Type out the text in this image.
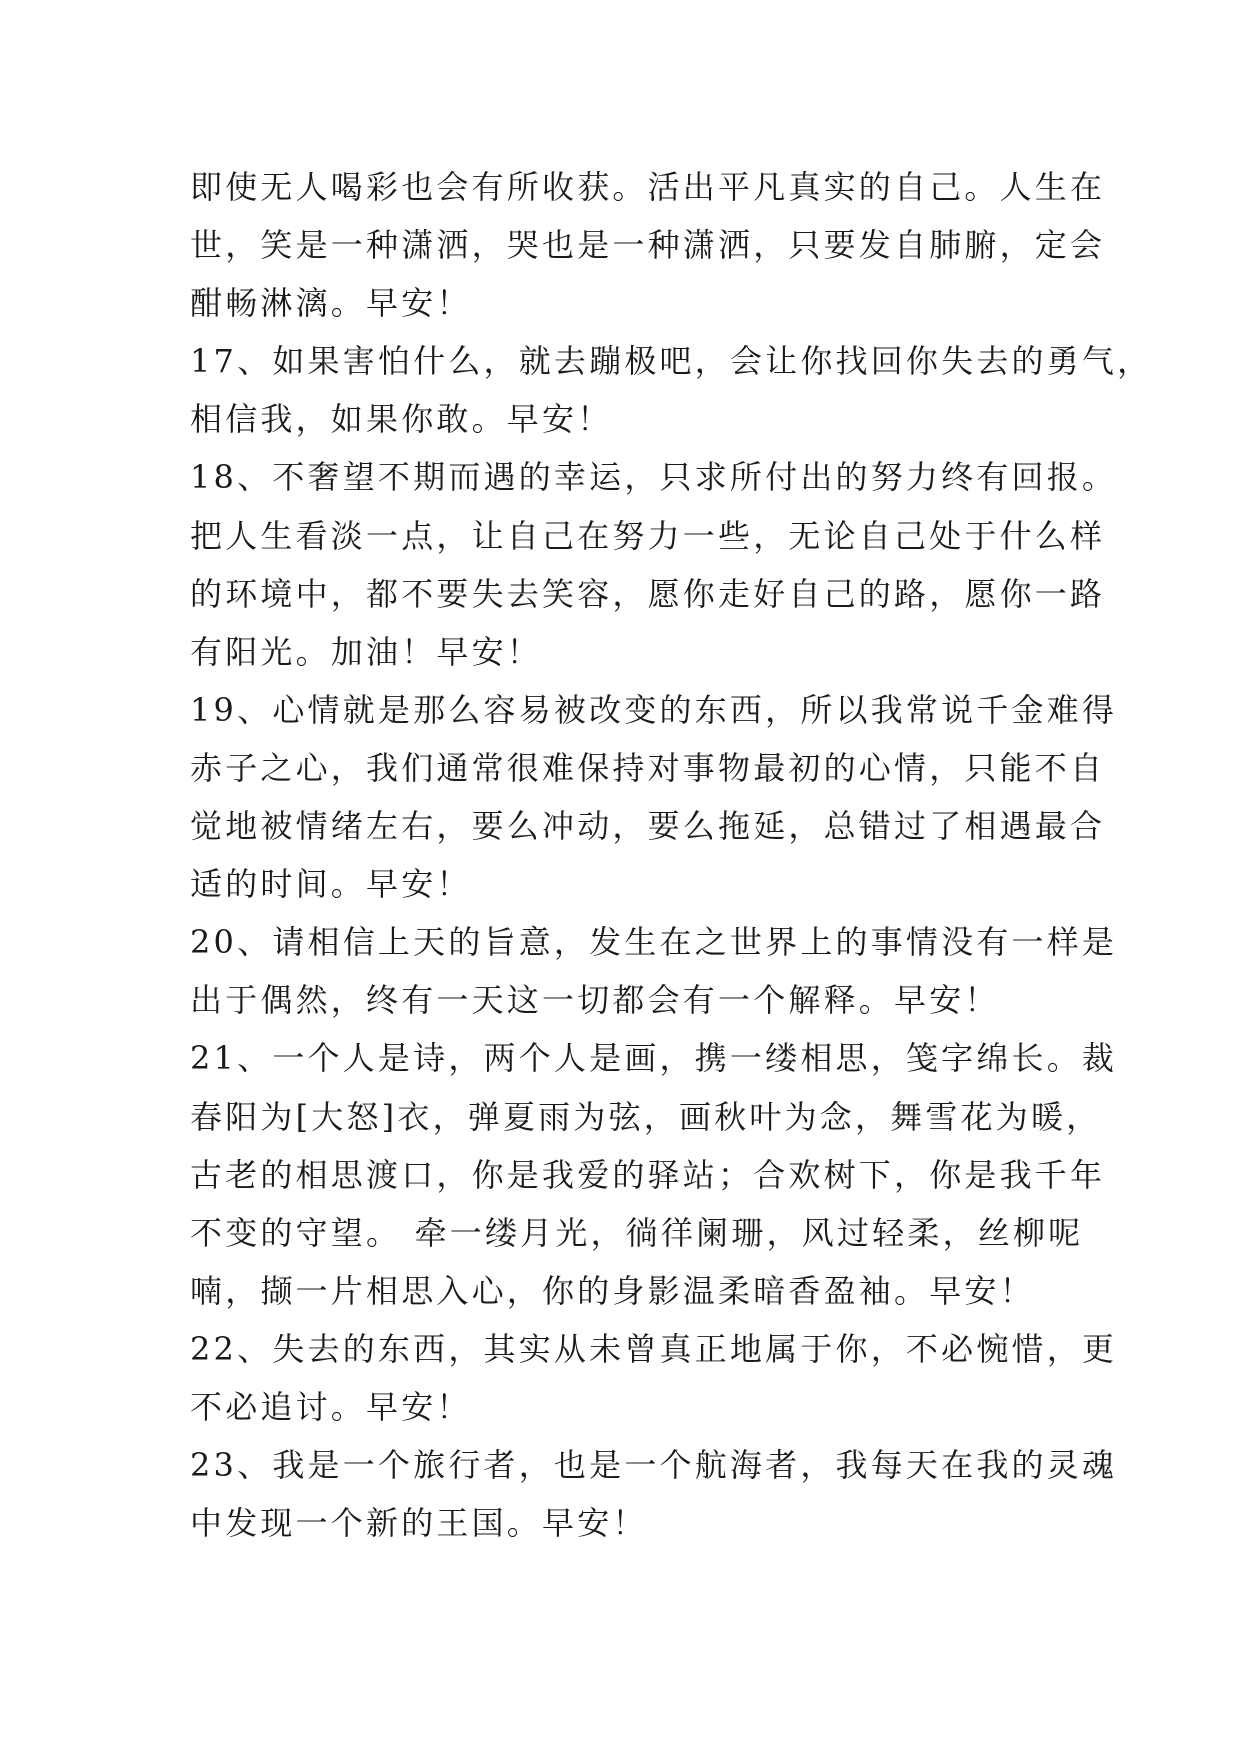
即使无人喝彩也会有所收获。活出平凡真实的自己。人生在
世，笑是一种潇洒，哭也是一种潇洒，只要发自肺腑，定会
酣畅淋漓。早安！
17、如果害怕什么，就去蹦极吧，会让你找回你失去的勇气，
相信我，如果你敢。早安！
18、不奢望不期而遇的幸运，只求所付出的努力终有回报。
把人生看淡一点，让自己在努力一些，无论自己处于什么样
的环境中，都不要失去笑容，愿你走好自己的路，愿你一路
有阳光。加油！早安！
19、心情就是那么容易被改变的东西，所以我常说千金难得
赤子之心，我们通常很难保持对事物最初的心情，只能不自
觉地被情绪左右，要么冲动，要么拖延，总错过了相遇最合
适的时间。早安！
20、请相信上天的旨意，发生在之世界上的事情没有一样是
出于偶然，终有一天这一切都会有一个解释。早安！
21、一个人是诗，两个人是画，携一缕相思，笺字绵长。裁
春阳为[大怒]衣，弹夏雨为弦，画秋叶为念，舞雪花为暖，
古老的相思渡口，你是我爱的驿站；合欢树下，你是我千年
不变的守望。 牵一缕月光，徜徉阑珊，风过轻柔，丝柳呢
喃，撷一片相思入心，你的身影温柔暗香盈袖。早安！
22、失去的东西，其实从未曾真正地属于你，不必惋惜，更
不必追讨。早安！
23、我是一个旅行者，也是一个航海者，我每天在我的灵魂
中发现一个新的王国。早安！
